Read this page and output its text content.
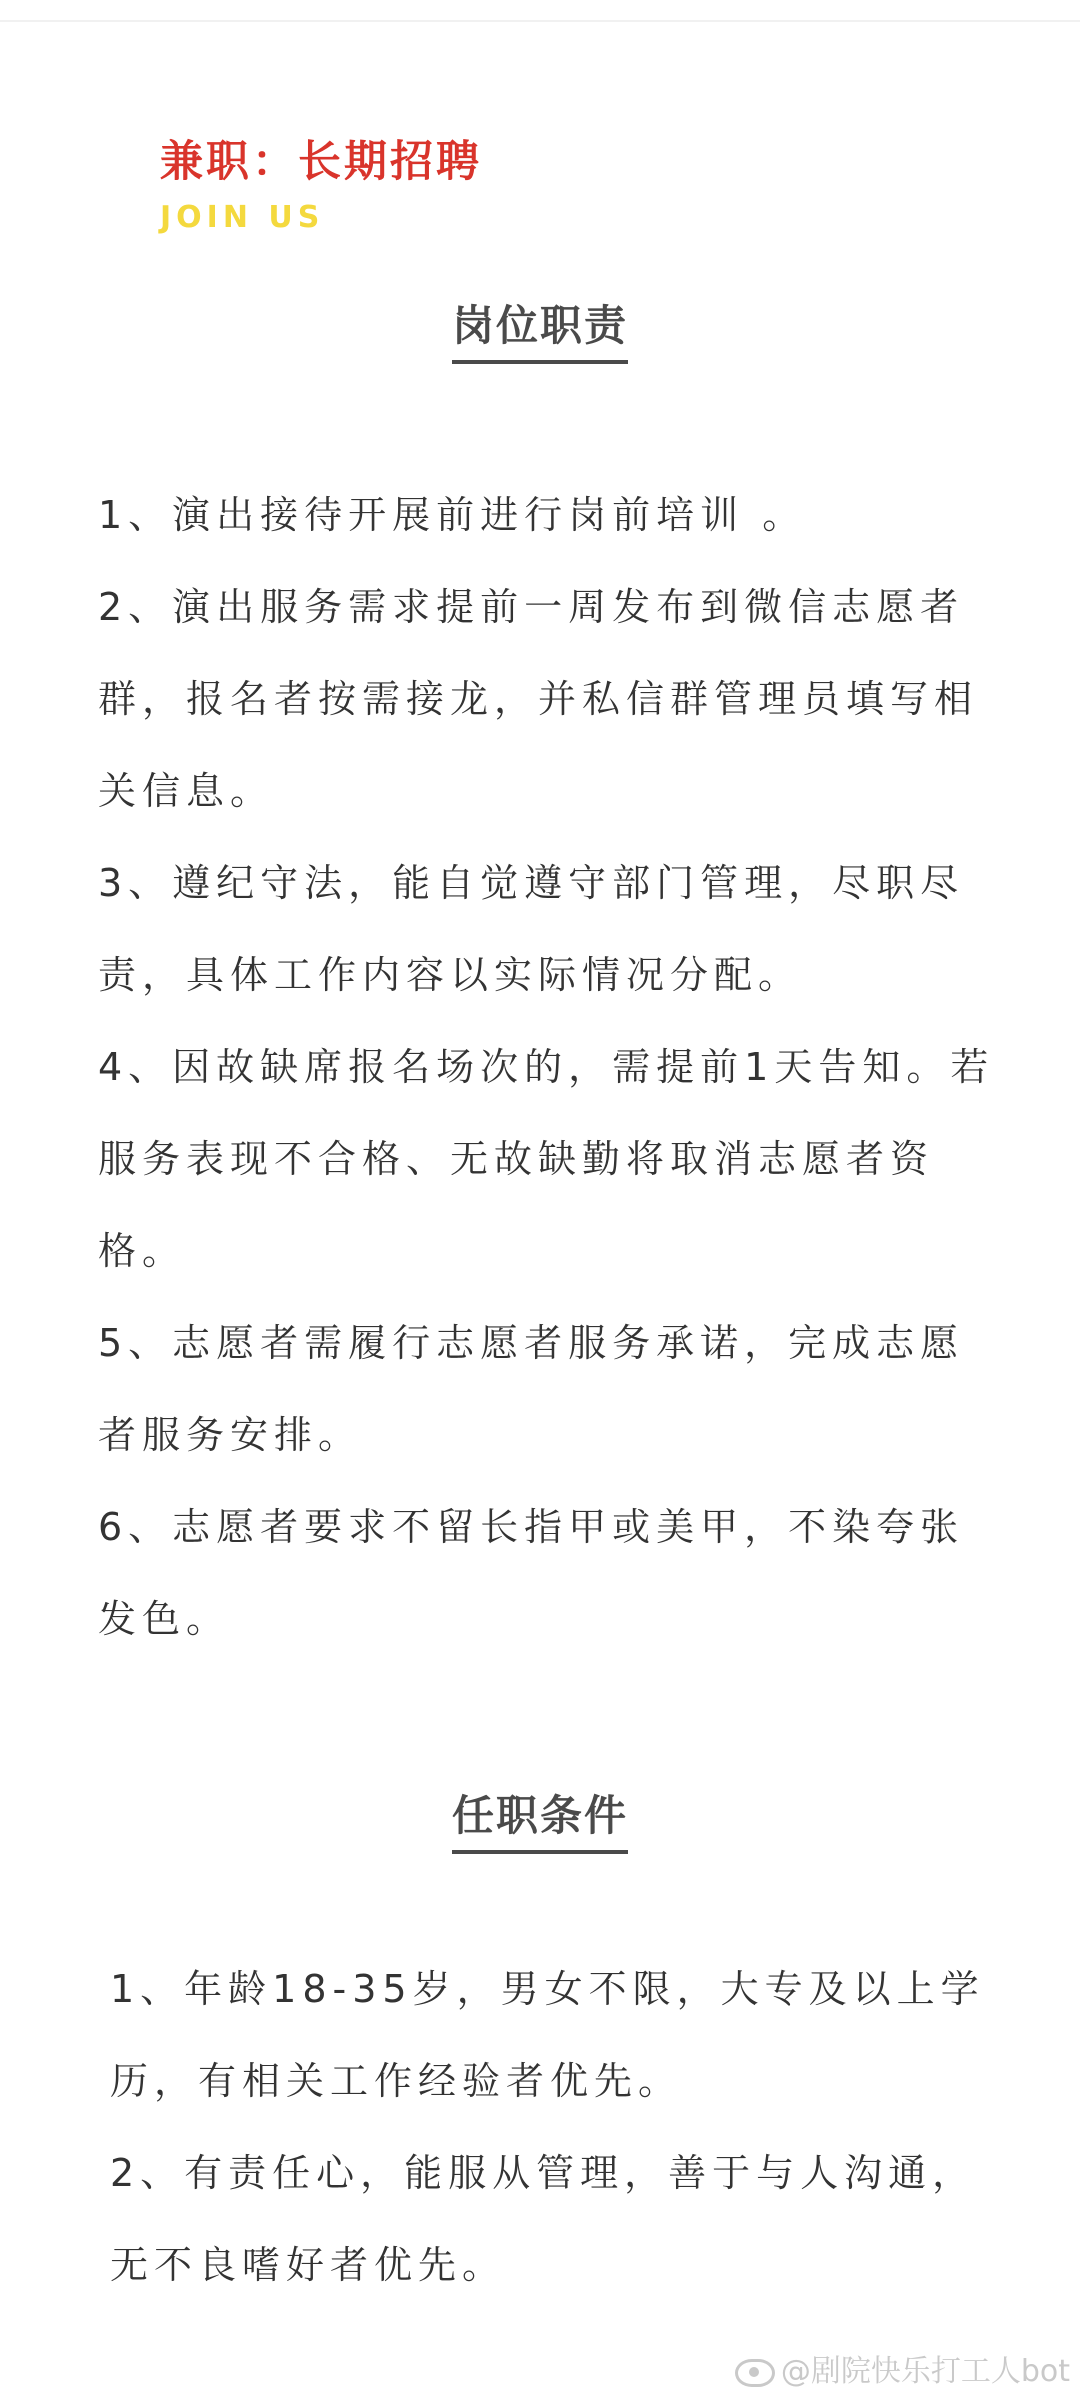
兼职：长期招聘
JOIN US
岗位职责
1、演出接待开展前进行岗前培训 。
2、演出服务需求提前一周发布到微信志愿者群，报名者按需接龙，并私信群管理员填写相关信息。
3、遵纪守法，能自觉遵守部门管理，尽职尽责，具体工作内容以实际情况分配。
4、因故缺席报名场次的，需提前1天告知。若服务表现不合格、无故缺勤将取消志愿者资格。
5、志愿者需履行志愿者服务承诺，完成志愿者服务安排。
6、志愿者要求不留长指甲或美甲，不染夸张发色。
任职条件
1、年龄18-35岁，男女不限，大专及以上学历，有相关工作经验者优先。
2、有责任心，能服从管理，善于与人沟通，无不良嗜好者优先。
@剧院快乐打工人bot
